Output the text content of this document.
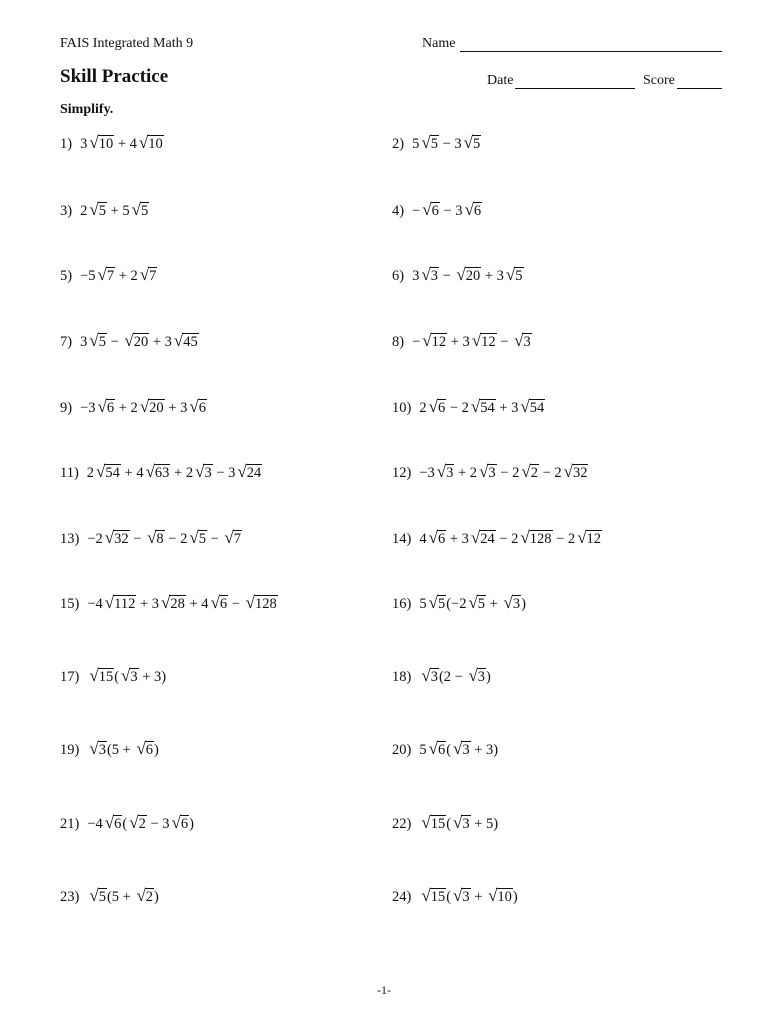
FAIS Integrated Math 9	Name
Skill Practice	Date	Score
Simplify.
1) 3 √10 + 4 √10
3) 2 √5 + 5 √5
5) −5 √7 + 2 √7
7) 3 √5 − √20 + 3 √45
9) −3 √6 + 2 √20 + 3 √6
11) 2 √54 + 4 √63 + 2 √3 − 3 √24
13) −2 √32 − √8 − 2 √5 − √7
15) −4 √112 + 3 √28 + 4 √6 − √128
17) √15( √3 + 3)
19) √3(5 + √6)
21) −4 √6( √2 − 3 √6)
23) √5(5 + √2)
2) 5 √5 − 3 √5
4) − √6 − 3 √6
6) 3 √3 − √20 + 3 √5
8) − √12 + 3 √12 − √3
10) 2 √6 − 2 √54 + 3 √54
12) −3 √3 + 2 √3 − 2 √2 − 2 √32
14) 4 √6 + 3 √24 − 2 √128 − 2 √12
16) 5 √5(−2 √5 + √3)
18) √3(2 − √3)
20) 5 √6( √3 + 3)
22) √15( √3 + 5)
24) √15( √3 + √10)
-1-
